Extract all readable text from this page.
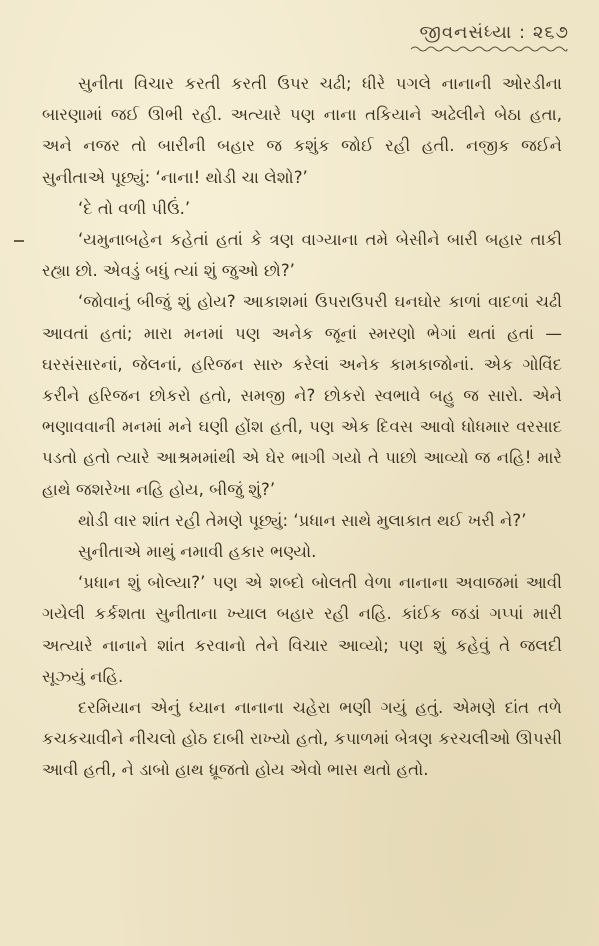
જીવનસંધ્યા : ૨૬૭

સુનીતા વિચાર કરતી કરતી ઉપર ચઢી; ધીરે પગલે નાનાની ઓરડીના બારણામાં જઈ ઊભી રહી. અત્યારે પણ નાના તકિયાને અઢેલીને બેઠા હતા, અને નજર તો બારીની બહાર જ કશુંક જોઈ રહી હતી. નજીક જઈને સુનીતાએ પૂછ્યું: ‘નાના! થોડી ચા લેશો?’

‘દે તો વળી પીઉં.’

‘યમુનાબહેન કહેતાં હતાં કે ત્રણ વાગ્યાના તમે બેસીને બારી બહાર તાકી રહ્યા છો. એવડું બધું ત્યાં શું જુઓ છો?’

‘જોવાનું બીજું શું હોય? આકાશમાં ઉપરાઉપરી ઘનઘોર કાળાં વાદળાં ચઢી આવતાં હતાં; મારા મનમાં પણ અનેક જૂનાં સ્મરણો ભેગાં થતાં હતાં — ઘરસંસારનાં, જેલનાં, હરિજન સારુ કરેલાં અનેક કામકાજોનાં. એક ગોવિંદ કરીને હરિજન છોકરો હતો, સમજી ને? છોકરો સ્વભાવે બહુ જ સારો. એને ભણાવવાની મનમાં મને ઘણી હોંશ હતી, પણ એક દિવસ આવો ધોધમાર વરસાદ પડતો હતો ત્યારે આશ્રમમાંથી એ ઘેર ભાગી ગયો તે પાછો આવ્યો જ નહિ! મારે હાથે જશરેખા નહિ હોય, બીજું શું?’

થોડી વાર શાંત રહી તેમણે પૂછ્યું: ‘પ્રધાન સાથે મુલાકાત થઈ ખરી ને?’

સુનીતાએ માથું નમાવી હકાર ભણ્યો.

‘પ્રધાન શું બોલ્યા?’ પણ એ શબ્દો બોલતી વેળા નાનાના અવાજમાં આવી ગયેલી કર્કશતા સુનીતાના ખ્યાલ બહાર રહી નહિ. કાંઈક જડાં ગપ્પાં મારી અત્યારે નાનાને શાંત કરવાનો તેને વિચાર આવ્યો; પણ શું કહેવું તે જલદી સૂઝ્યું નહિ.

દરમિયાન એનું ધ્યાન નાનાના ચહેરા ભણી ગયું હતું. એમણે દાંત તળે કચકચાવીને નીચલો હોઠ દાબી રાખ્યો હતો, કપાળમાં બેત્રણ કરચલીઓ ઊપસી આવી હતી, ને ડાબો હાથ ધ્રૂજતો હોય એવો ભાસ થતો હતો.
